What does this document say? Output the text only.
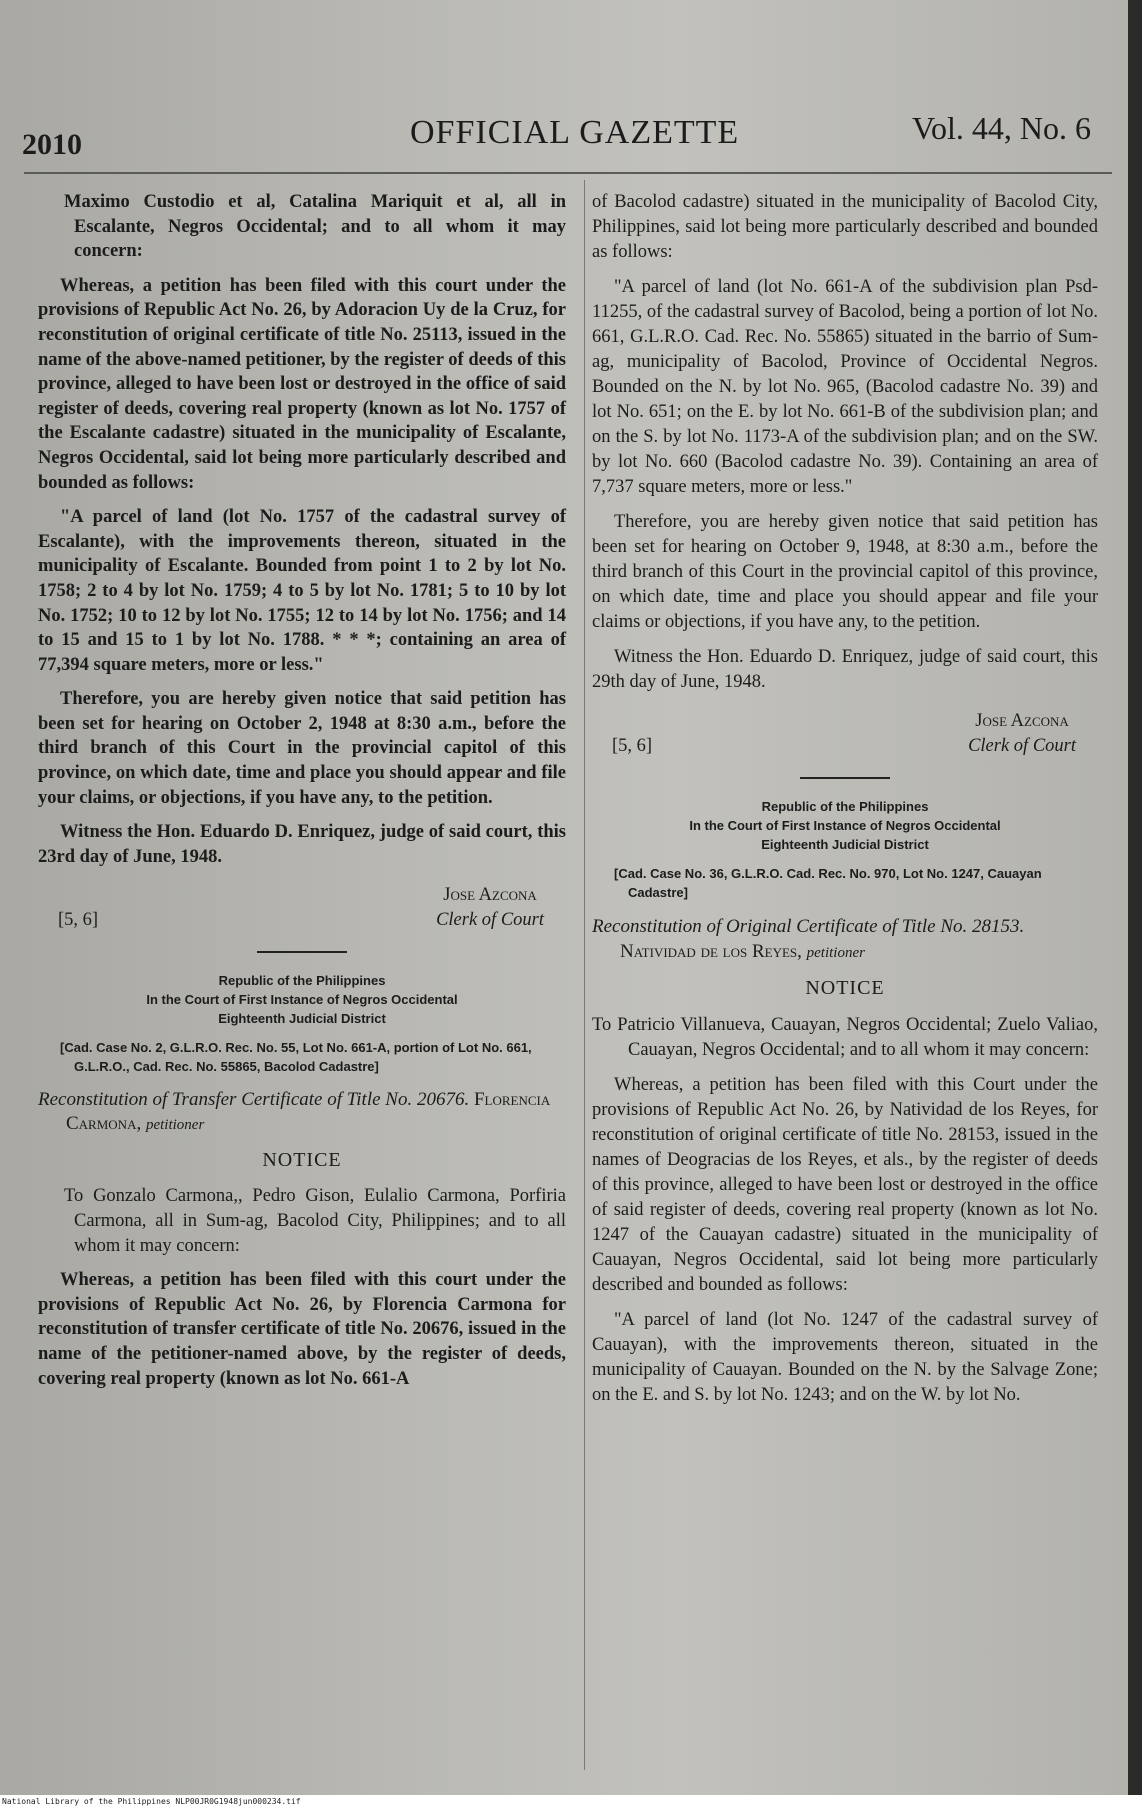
2010	OFFICIAL GAZETTE	Vol. 44, No. 6

Maximo Custodio et al, Catalina Mariquit et al, all in Escalante, Negros Occidental; and to all whom it may concern:

Whereas, a petition has been filed with this court under the provisions of Republic Act No. 26, by Adoracion Uy de la Cruz, for reconstitution of original certificate of title No. 25113, issued in the name of the above-named petitioner, by the register of deeds of this province, alleged to have been lost or destroyed in the office of said register of deeds, covering real property (known as lot No. 1757 of the Escalante cadastre) situated in the municipality of Escalante, Negros Occidental, said lot being more particularly described and bounded as follows:

"A parcel of land (lot No. 1757 of the cadastral survey of Escalante), with the improvements thereon, situated in the municipality of Escalante. Bounded from point 1 to 2 by lot No. 1758; 2 to 4 by lot No. 1759; 4 to 5 by lot No. 1781; 5 to 10 by lot No. 1752; 10 to 12 by lot No. 1755; 12 to 14 by lot No. 1756; and 14 to 15 and 15 to 1 by lot No. 1788. * * *; containing an area of 77,394 square meters, more or less."

Therefore, you are hereby given notice that said petition has been set for hearing on October 2, 1948 at 8:30 a.m., before the third branch of this Court in the provincial capitol of this province, on which date, time and place you should appear and file your claims, or objections, if you have any, to the petition.

Witness the Hon. Eduardo D. Enriquez, judge of said court, this 23rd day of June, 1948.

[5, 6]
Jose Azcona
Clerk of Court
Republic of the Philippines
In the Court of First Instance of Negros Occidental
Eighteenth Judicial District
[Cad. Case No. 2, G.L.R.O. Rec. No. 55, Lot No. 661-A, portion of Lot No. 661, G.L.R.O., Cad. Rec. No. 55865, Bacolod Cadastre]
Reconstitution of Transfer Certificate of Title No. 20676. Florencia Carmona, petitioner
NOTICE

To Gonzalo Carmona,, Pedro Gison, Eulalio Carmona, Porfiria Carmona, all in Sum-ag, Bacolod City, Philippines; and to all whom it may concern:

Whereas, a petition has been filed with this court under the provisions of Republic Act No. 26, by Florencia Carmona for reconstitution of transfer certificate of title No. 20676, issued in the name of the petitioner-named above, by the register of deeds, covering real property (known as lot No. 661-A

of Bacolod cadastre) situated in the municipality of Bacolod City, Philippines, said lot being more particularly described and bounded as follows:

"A parcel of land (lot No. 661-A of the subdivision plan Psd-11255, of the cadastral survey of Bacolod, being a portion of lot No. 661, G.L.R.O. Cad. Rec. No. 55865) situated in the barrio of Sum-ag, municipality of Bacolod, Province of Occidental Negros. Bounded on the N. by lot No. 965, (Bacolod cadastre No. 39) and lot No. 651; on the E. by lot No. 661-B of the subdivision plan; and on the S. by lot No. 1173-A of the subdivision plan; and on the SW. by lot No. 660 (Bacolod cadastre No. 39). Containing an area of 7,737 square meters, more or less."

Therefore, you are hereby given notice that said petition has been set for hearing on October 9, 1948, at 8:30 a.m., before the third branch of this Court in the provincial capitol of this province, on which date, time and place you should appear and file your claims or objections, if you have any, to the petition.

Witness the Hon. Eduardo D. Enriquez, judge of said court, this 29th day of June, 1948.

[5, 6]
Jose Azcona
Clerk of Court
Republic of the Philippines
In the Court of First Instance of Negros Occidental
Eighteenth Judicial District
[Cad. Case No. 36, G.L.R.O. Cad. Rec. No. 970, Lot No. 1247, Cauayan Cadastre]
Reconstitution of Original Certificate of Title No. 28153. Natividad de los Reyes, petitioner
NOTICE

To Patricio Villanueva, Cauayan, Negros Occidental; Zuelo Valiao, Cauayan, Negros Occidental; and to all whom it may concern:

Whereas, a petition has been filed with this Court under the provisions of Republic Act No. 26, by Natividad de los Reyes, for reconstitution of original certificate of title No. 28153, issued in the names of Deogracias de los Reyes, et als., by the register of deeds of this province, alleged to have been lost or destroyed in the office of said register of deeds, covering real property (known as lot No. 1247 of the Cauayan cadastre) situated in the municipality of Cauayan, Negros Occidental, said lot being more particularly described and bounded as follows:

"A parcel of land (lot No. 1247 of the cadastral survey of Cauayan), with the improvements thereon, situated in the municipality of Cauayan. Bounded on the N. by the Salvage Zone; on the E. and S. by lot No. 1243; and on the W. by lot No.

National Library of the Philippines NLP00JR0G1948jun000234.tif
